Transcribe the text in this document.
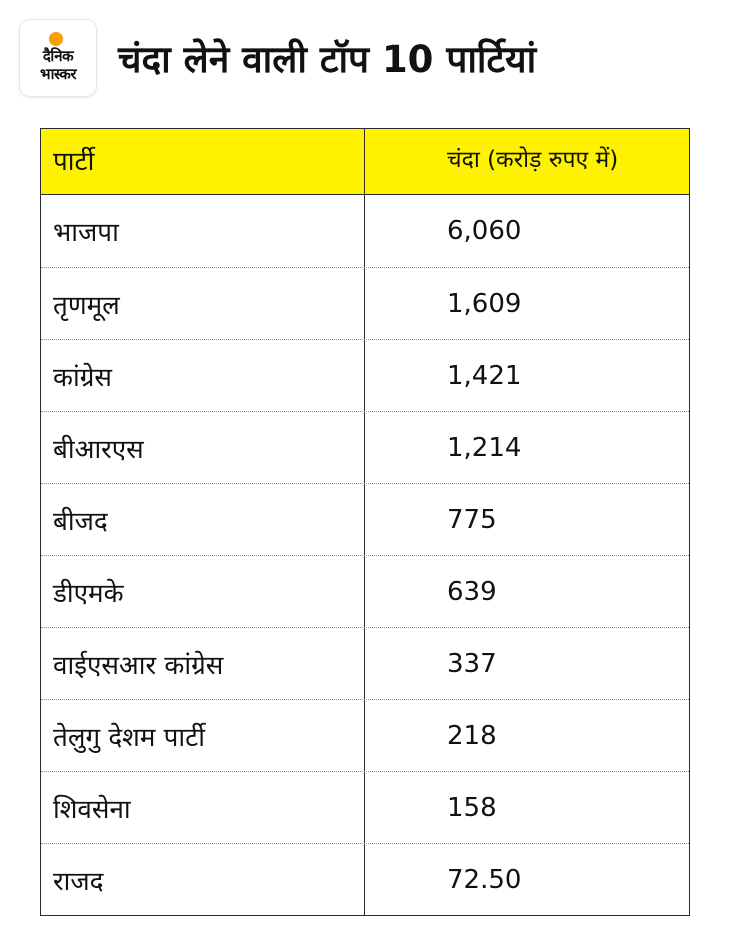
दैनिक
भास्कर	चंदा लेने वाली टॉप 10 पार्टियां
पार्टी	चंदा (करोड़ रुपए में)
भाजपा	6,060
तृणमूल	1,609
कांग्रेस	1,421
बीआरएस	1,214
बीजद	775
डीएमके	639
वाईएसआर कांग्रेस	337
तेलुगु देशम पार्टी	218
शिवसेना	158
राजद	72.50
